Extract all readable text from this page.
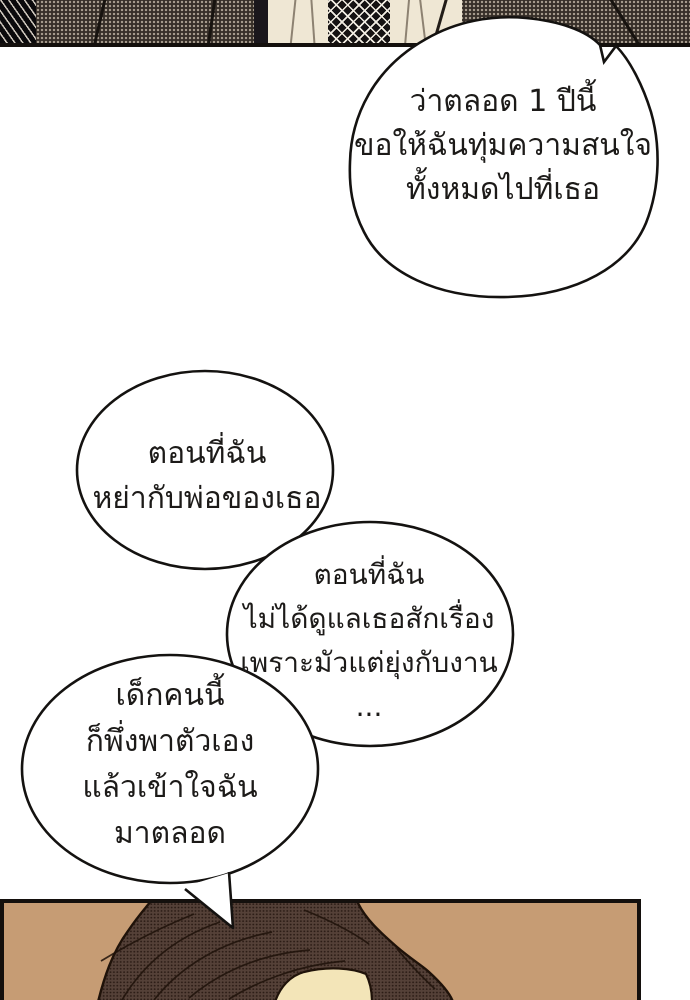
ว่าตลอด 1 ปีนี้
ขอให้ฉันทุ่มความสนใจ
ทั้งหมดไปที่เธอ
ตอนที่ฉัน
หย่ากับพ่อของเธอ
ตอนที่ฉัน
ไม่ได้ดูแลเธอสักเรื่อง
เพราะมัวแต่ยุ่งกับงาน
...
เด็กคนนี้
ก็พึ่งพาตัวเอง
แล้วเข้าใจฉัน
มาตลอด
